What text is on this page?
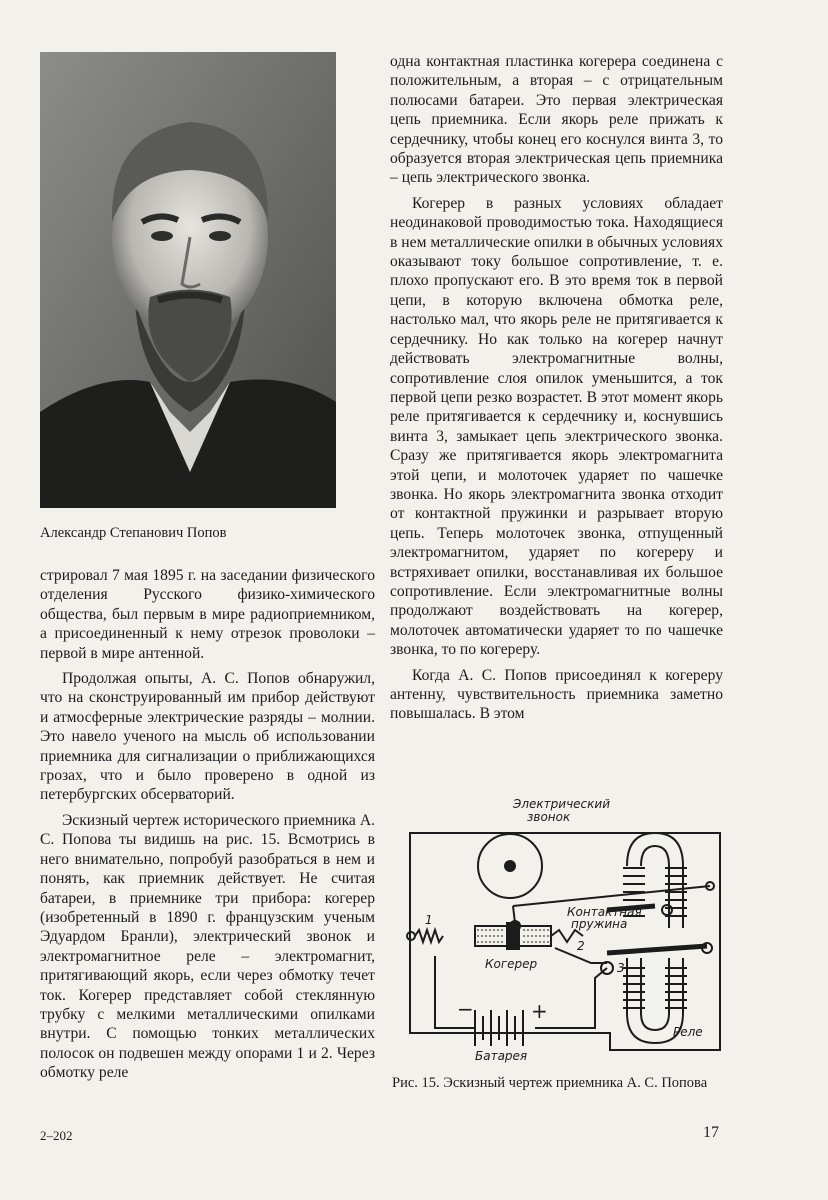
Александр Степанович Попов

стрировал 7 мая 1895 г. на заседании физического отделения Русского физико-химического общества, был первым в мире радиоприемником, а присоединенный к нему отрезок проволоки – первой в мире антенной.

Продолжая опыты, А. С. Попов обнаружил, что на сконструированный им прибор действуют и атмосферные электрические разряды – молнии. Это навело ученого на мысль об использовании приемника для сигнализации о приближающихся грозах, что и было проверено в одной из петербургских обсерваторий.

Эскизный чертеж исторического приемника А. С. Попова ты видишь на рис. 15. Всмотрись в него внимательно, попробуй разобраться в нем и понять, как приемник действует. Не считая батареи, в приемнике три прибора: когерер (изобретенный в 1890 г. французским ученым Эдуардом Бранли), электрический звонок и электромагнитное реле – электромагнит, притягивающий якорь, если через обмотку течет ток. Когерер представляет собой стеклянную трубку с мелкими металлическими опилками внутри. С помощью тонких металлических полосок он подвешен между опорами 1 и 2. Через обмотку реле

одна контактная пластинка когерера соединена с положительным, а вторая – с отрицательным полюсами батареи. Это первая электрическая цепь приемника. Если якорь реле прижать к сердечнику, чтобы конец его коснулся винта 3, то образуется вторая электрическая цепь приемника – цепь электрического звонка.

Когерер в разных условиях обладает неодинаковой проводимостью тока. Находящиеся в нем металлические опилки в обычных условиях оказывают току большое сопротивление, т. е. плохо пропускают его. В это время ток в первой цепи, в которую включена обмотка реле, настолько мал, что якорь реле не притягивается к сердечнику. Но как только на когерер начнут действовать электромагнитные волны, сопротивление слоя опилок уменьшится, а ток первой цепи резко возрастет. В этот момент якорь реле притягивается к сердечнику и, коснувшись винта 3, замыкает цепь электрического звонка. Сразу же притягивается якорь электромагнита этой цепи, и молоточек ударяет по чашечке звонка. Но якорь электромагнита звонка отходит от контактной пружинки и разрывает вторую цепь. Теперь молоточек звонка, отпущенный электромагнитом, ударяет по когереру и встряхивает опилки, восстанавливая их большое сопротивление. Если электромагнитные волны продолжают воздействовать на когерер, молоточек автоматически ударяет то по чашечке звонка, то по когереру.

Когда А. С. Попов присоединял к когереру антенну, чувствительность приемника заметно повышалась. В этом

Электрический
звонок
Контактная
пружина
Когерер
Реле
Батарея
1
2
3
−	+
Рис. 15. Эскизный чертеж приемника А. С. Попова
2–202	17
